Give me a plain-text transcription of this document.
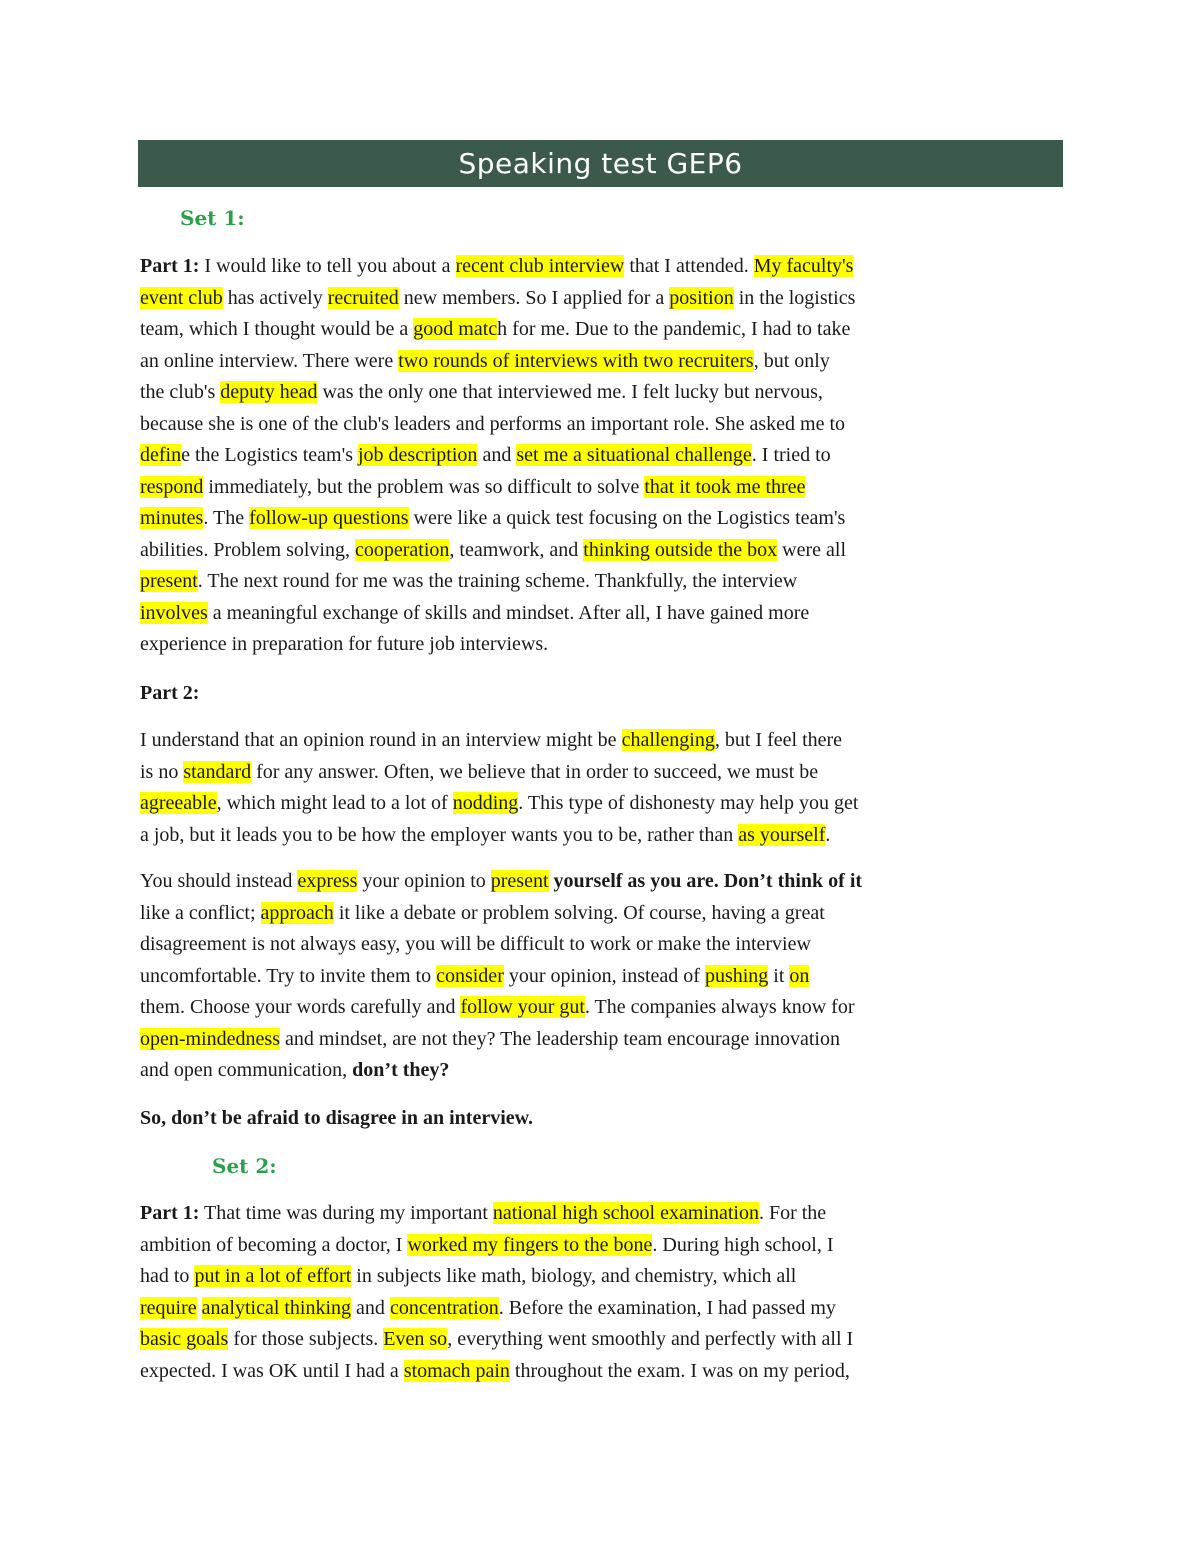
Speaking test GEP6
Set 1:
Part 1: I would like to tell you about a recent club interview that I attended. My faculty's
event club has actively recruited new members. So I applied for a position in the logistics
team, which I thought would be a good match for me. Due to the pandemic, I had to take
an online interview. There were two rounds of interviews with two recruiters, but only
the club's deputy head was the only one that interviewed me. I felt lucky but nervous,
because she is one of the club's leaders and performs an important role. She asked me to
define the Logistics team's job description and set me a situational challenge. I tried to
respond immediately, but the problem was so difficult to solve that it took me three
minutes. The follow-up questions were like a quick test focusing on the Logistics team's
abilities. Problem solving, cooperation, teamwork, and thinking outside the box were all
present. The next round for me was the training scheme. Thankfully, the interview
involves a meaningful exchange of skills and mindset. After all, I have gained more
experience in preparation for future job interviews.
Part 2:
I understand that an opinion round in an interview might be challenging, but I feel there
is no standard for any answer. Often, we believe that in order to succeed, we must be
agreeable, which might lead to a lot of nodding. This type of dishonesty may help you get
a job, but it leads you to be how the employer wants you to be, rather than as yourself.
You should instead express your opinion to present yourself as you are. Don’t think of it
like a conflict; approach it like a debate or problem solving. Of course, having a great
disagreement is not always easy, you will be difficult to work or make the interview
uncomfortable. Try to invite them to consider your opinion, instead of pushing it on
them. Choose your words carefully and follow your gut. The companies always know for
open-mindedness and mindset, are not they? The leadership team encourage innovation
and open communication, don’t they?
So, don’t be afraid to disagree in an interview.
Set 2:
Part 1: That time was during my important national high school examination. For the
ambition of becoming a doctor, I worked my fingers to the bone. During high school, I
had to put in a lot of effort in subjects like math, biology, and chemistry, which all
require analytical thinking and concentration. Before the examination, I had passed my
basic goals for those subjects. Even so, everything went smoothly and perfectly with all I
expected. I was OK until I had a stomach pain throughout the exam. I was on my period,
